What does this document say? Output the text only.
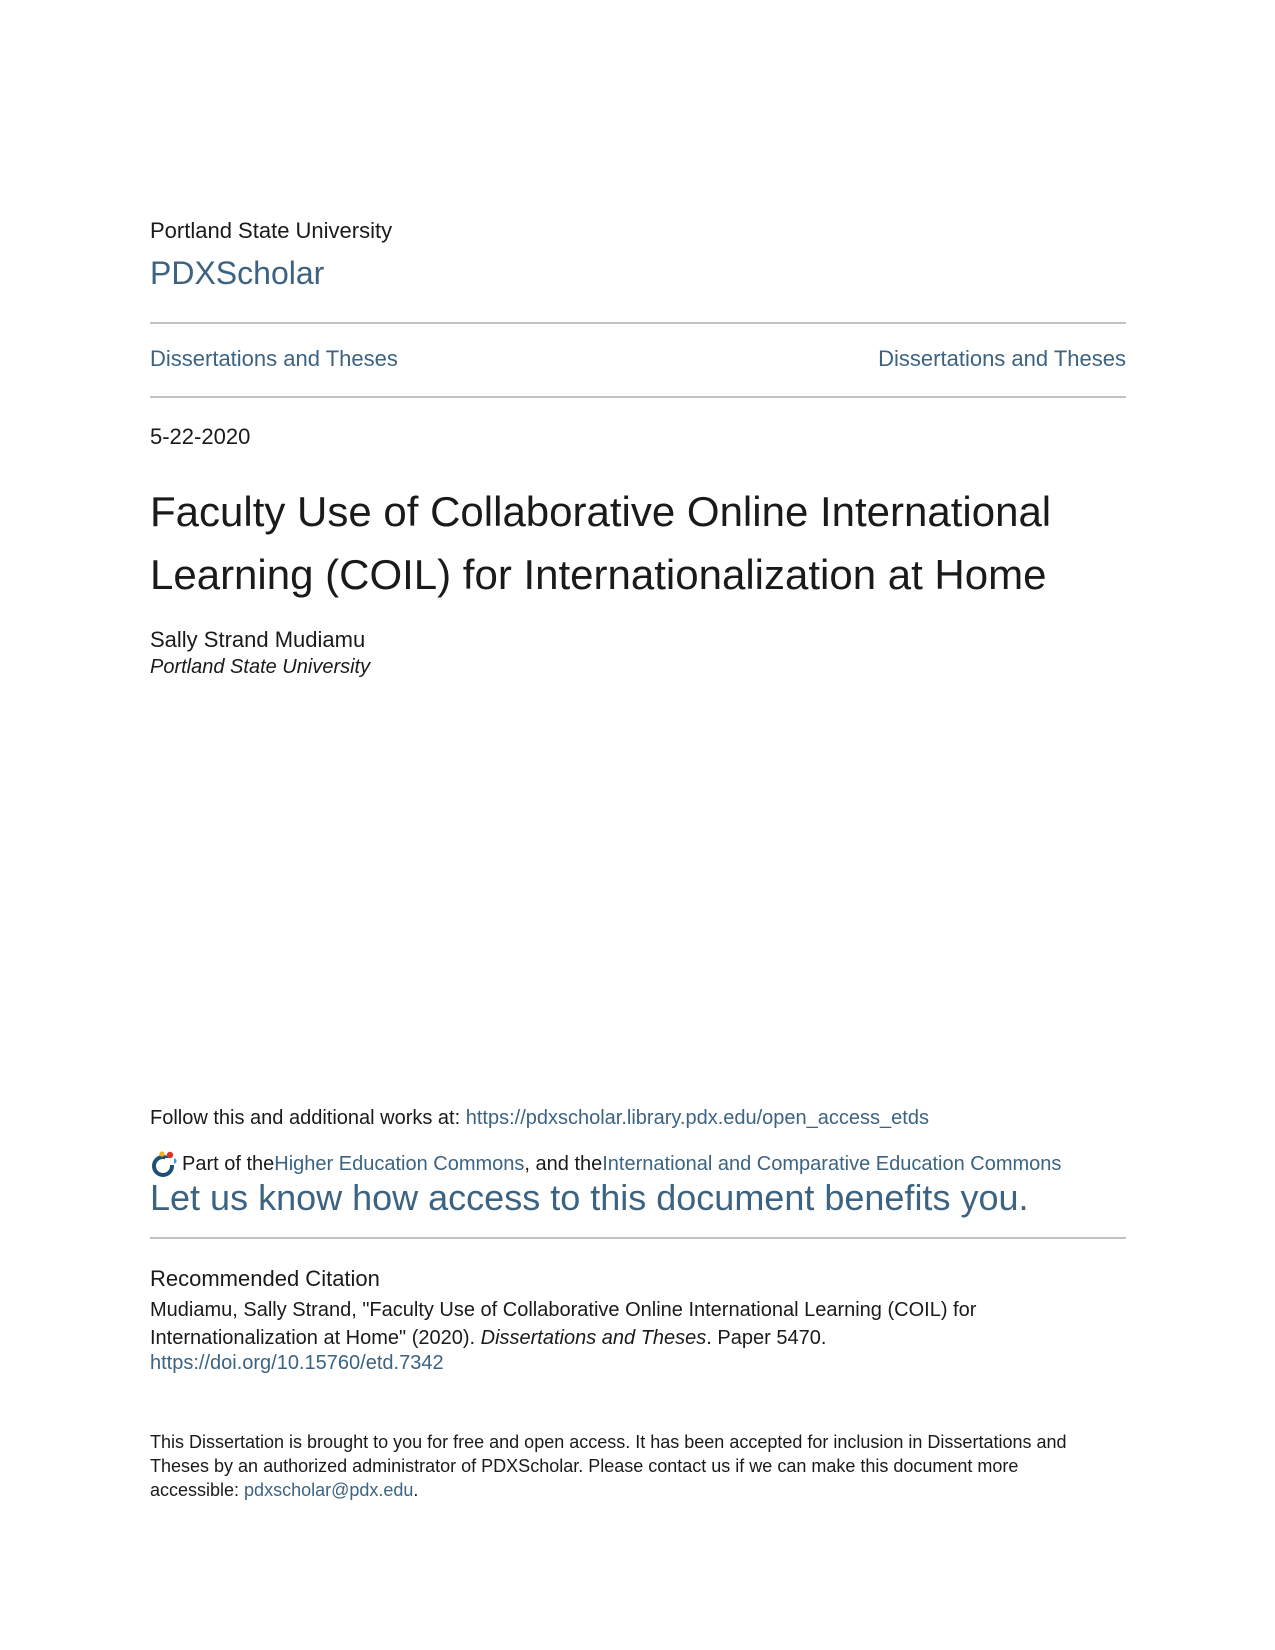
Portland State University
PDXScholar
Dissertations and Theses	Dissertations and Theses
5-22-2020
Faculty Use of Collaborative Online International Learning (COIL) for Internationalization at Home
Sally Strand Mudiamu
Portland State University
Follow this and additional works at: https://pdxscholar.library.pdx.edu/open_access_etds
Part of the Higher Education Commons , and the International and Comparative Education Commons
Let us know how access to this document benefits you.
Recommended Citation
Mudiamu, Sally Strand, "Faculty Use of Collaborative Online International Learning (COIL) for Internationalization at Home" (2020). Dissertations and Theses. Paper 5470.
https://doi.org/10.15760/etd.7342
This Dissertation is brought to you for free and open access. It has been accepted for inclusion in Dissertations and Theses by an authorized administrator of PDXScholar. Please contact us if we can make this document more accessible: pdxscholar@pdx.edu.
